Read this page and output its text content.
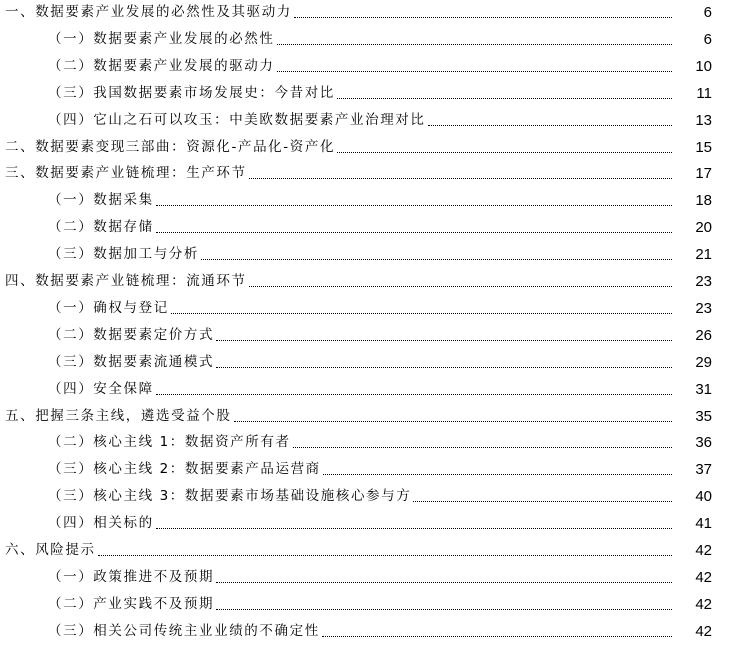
一、数据要素产业发展的必然性及其驱动力	6
（一）数据要素产业发展的必然性	6
（二）数据要素产业发展的驱动力	10
（三）我国数据要素市场发展史：今昔对比	11
（四）它山之石可以攻玉：中美欧数据要素产业治理对比	13
二、数据要素变现三部曲：资源化-产品化-资产化	15
三、数据要素产业链梳理：生产环节	17
（一）数据采集	18
（二）数据存储	20
（三）数据加工与分析	21
四、数据要素产业链梳理：流通环节	23
（一）确权与登记	23
（二）数据要素定价方式	26
（三）数据要素流通模式	29
（四）安全保障	31
五、把握三条主线，遴选受益个股	35
（二）核心主线 1：数据资产所有者	36
（三）核心主线 2：数据要素产品运营商	37
（三）核心主线 3：数据要素市场基础设施核心参与方	40
（四）相关标的	41
六、风险提示	42
（一）政策推进不及预期	42
（二）产业实践不及预期	42
（三）相关公司传统主业业绩的不确定性	42
